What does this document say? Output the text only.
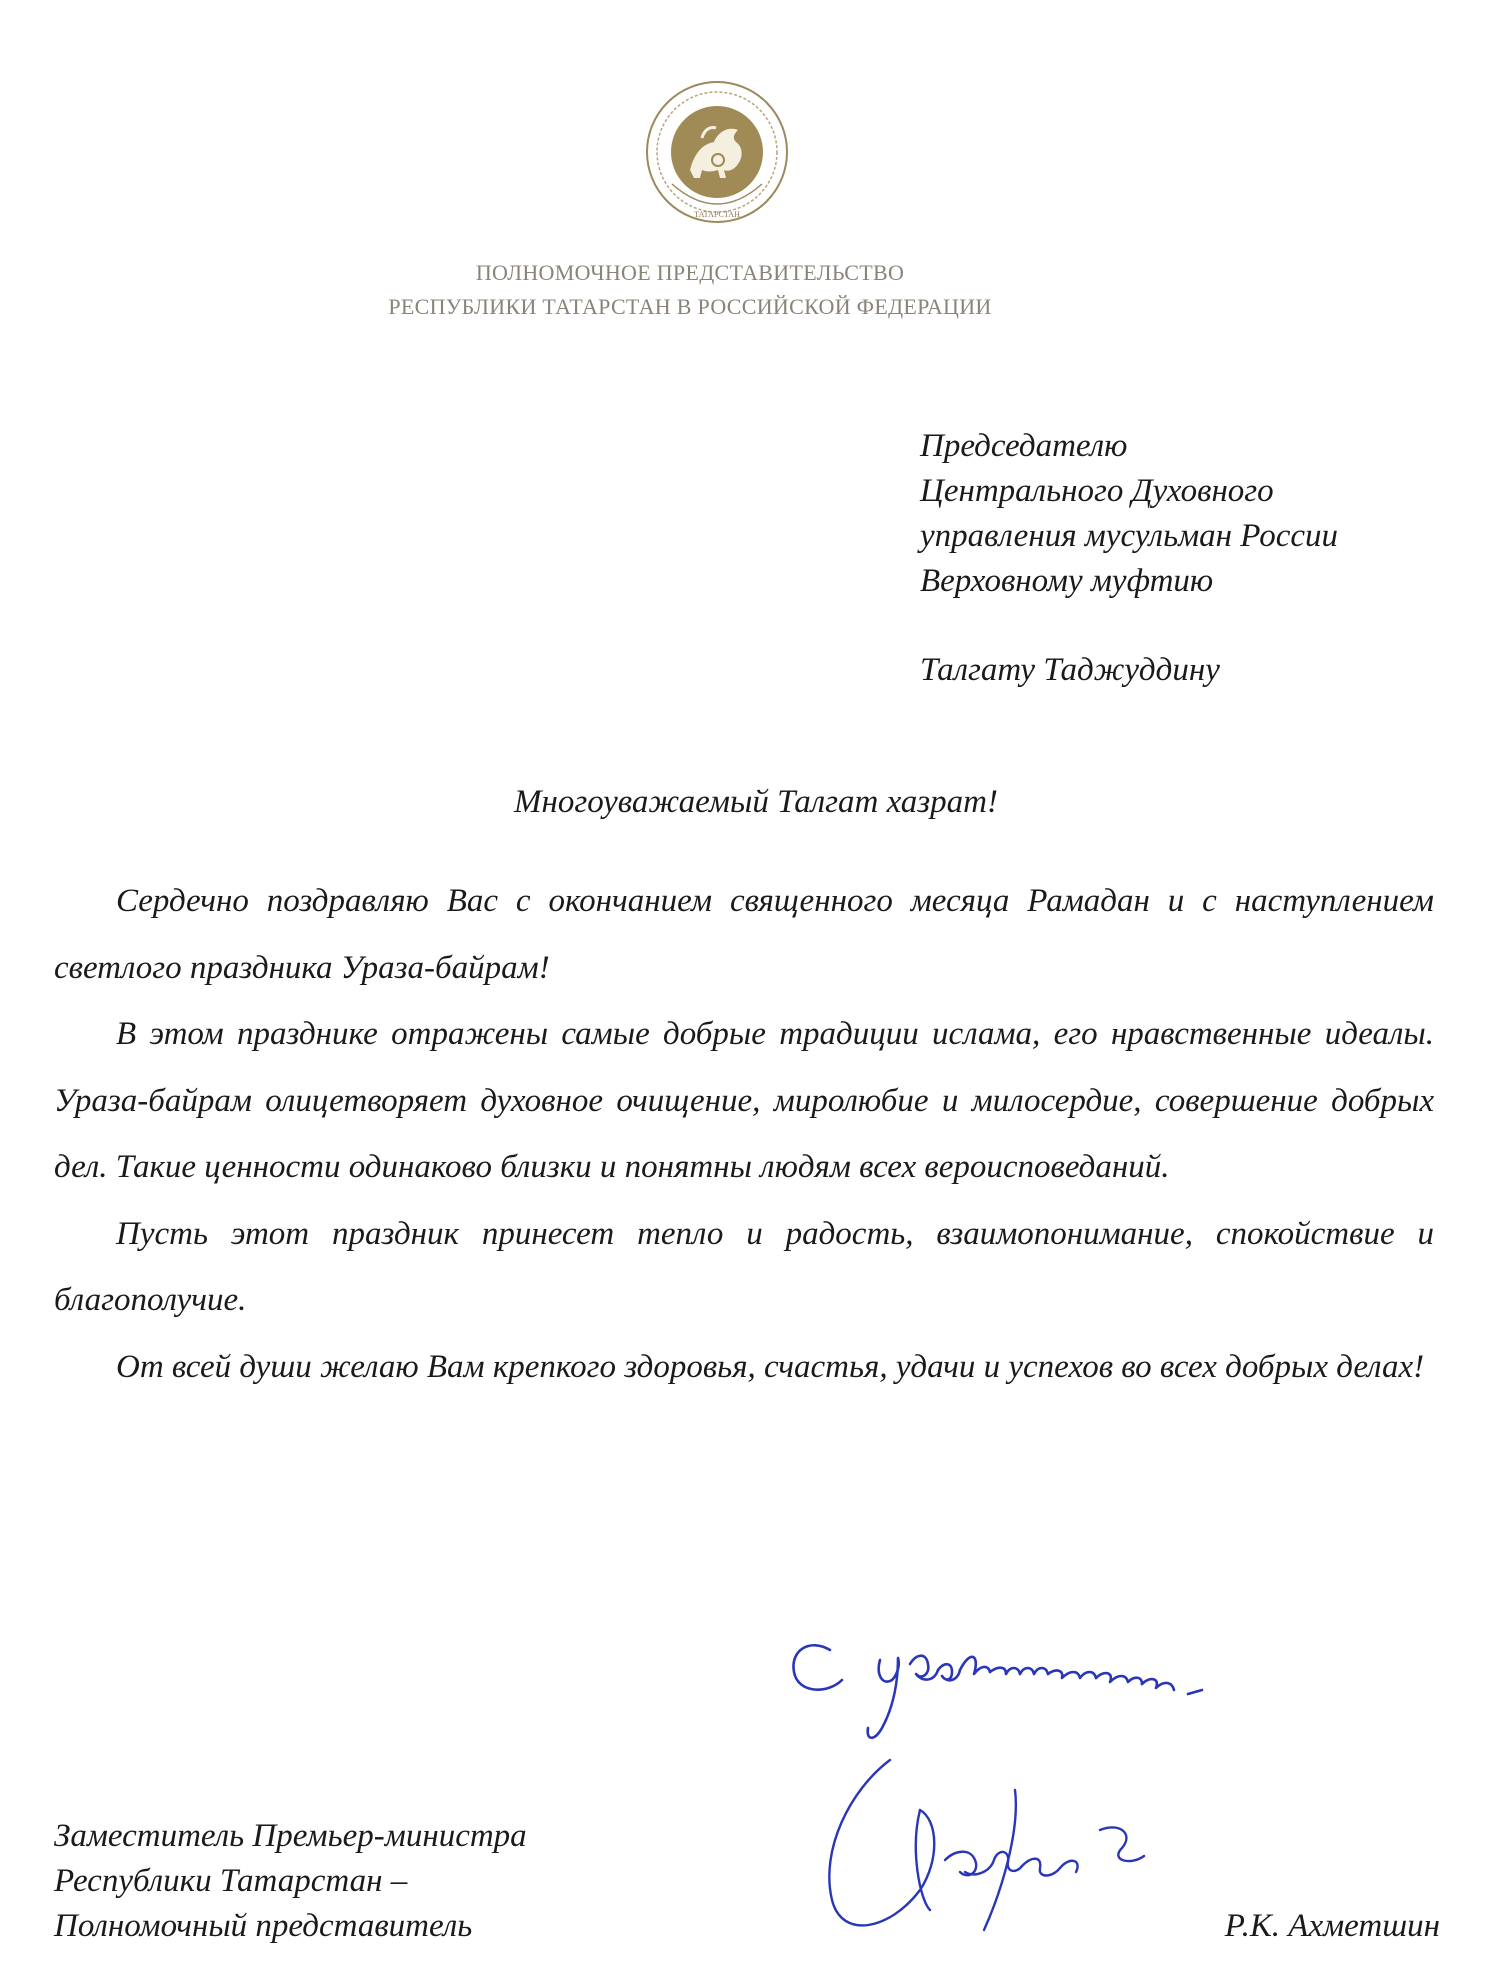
ТАТАРСТАН
ПОЛНОМОЧНОЕ ПРЕДСТАВИТЕЛЬСТВО
РЕСПУБЛИКИ ТАТАРСТАН В РОССИЙСКОЙ ФЕДЕРАЦИИ
Председателю
Центрального Духовного
управления мусульман России
Верховному муфтию
Талгату Таджуддину
Многоуважаемый Талгат хазрат!

Сердечно поздравляю Вас с окончанием священного месяца Рамадан и с наступлением светлого праздника Ураза-байрам!

В этом празднике отражены самые добрые традиции ислама, его нравственные идеалы. Ураза-байрам олицетворяет духовное очищение, миролюбие и милосердие, совершение добрых дел. Такие ценности одинаково близки и понятны людям всех вероисповеданий.

Пусть этот праздник принесет тепло и радость, взаимопонимание, спокойствие и благополучие.

От всей души желаю Вам крепкого здоровья, счастья, удачи и успехов во всех добрых делах!

Заместитель Премьер-министра
Республики Татарстан –
Полномочный представитель	Р.К. Ахметшин
